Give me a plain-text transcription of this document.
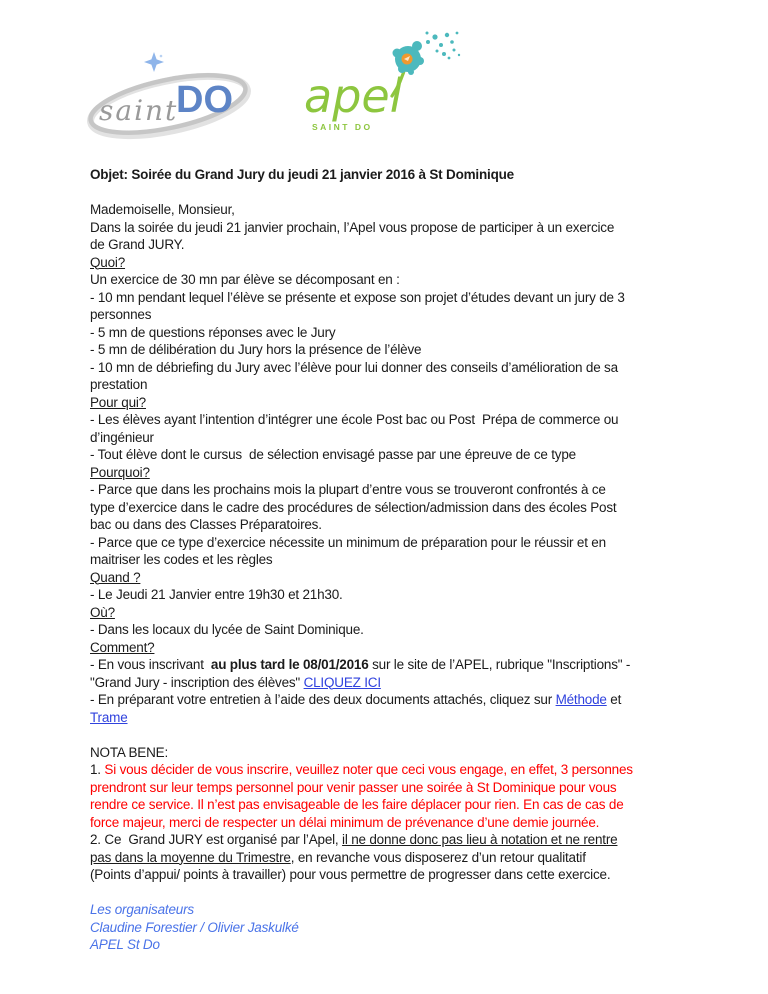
saint
DO apel
SAINT DO
Objet: Soirée du Grand Jury du jeudi 21 janvier 2016 à St Dominique

Mademoiselle, Monsieur,
Dans la soirée du jeudi 21 janvier prochain, l’Apel vous propose de participer à un exercice
de Grand JURY.
Quoi?
Un exercice de 30 mn par élève se décomposant en :
- 10 mn pendant lequel l’élève se présente et expose son projet d’études devant un jury de 3
personnes
- 5 mn de questions réponses avec le Jury
- 5 mn de délibération du Jury hors la présence de l’élève
- 10 mn de débriefing du Jury avec l’élève pour lui donner des conseils d’amélioration de sa
prestation
Pour qui?
- Les élèves ayant l’intention d’intégrer une école Post bac ou Post  Prépa de commerce ou
d’ingénieur
- Tout élève dont le cursus  de sélection envisagé passe par une épreuve de ce type
Pourquoi?
- Parce que dans les prochains mois la plupart d’entre vous se trouveront confrontés à ce
type d’exercice dans le cadre des procédures de sélection/admission dans des écoles Post
bac ou dans des Classes Préparatoires.
- Parce que ce type d’exercice nécessite un minimum de préparation pour le réussir et en
maitriser les codes et les règles
Quand ?
- Le Jeudi 21 Janvier entre 19h30 et 21h30.
Où?
- Dans les locaux du lycée de Saint Dominique.
Comment?
- En vous inscrivant  au plus tard le 08/01/2016 sur le site de l’APEL, rubrique "Inscriptions" -
"Grand Jury - inscription des élèves" CLIQUEZ ICI
- En préparant votre entretien à l’aide des deux documents attachés, cliquez sur Méthode et
Trame

NOTA BENE:
1. Si vous décider de vous inscrire, veuillez noter que ceci vous engage, en effet, 3 personnes
prendront sur leur temps personnel pour venir passer une soirée à St Dominique pour vous
rendre ce service. Il n’est pas envisageable de les faire déplacer pour rien. En cas de cas de
force majeur, merci de respecter un délai minimum de prévenance d’une demie journée.
2. Ce  Grand JURY est organisé par l’Apel, il ne donne donc pas lieu à notation et ne rentre
pas dans la moyenne du Trimestre, en revanche vous disposerez d’un retour qualitatif
(Points d’appui/ points à travailler) pour vous permettre de progresser dans cette exercice.

Les organisateurs
Claudine Forestier / Olivier Jaskulké
APEL St Do
